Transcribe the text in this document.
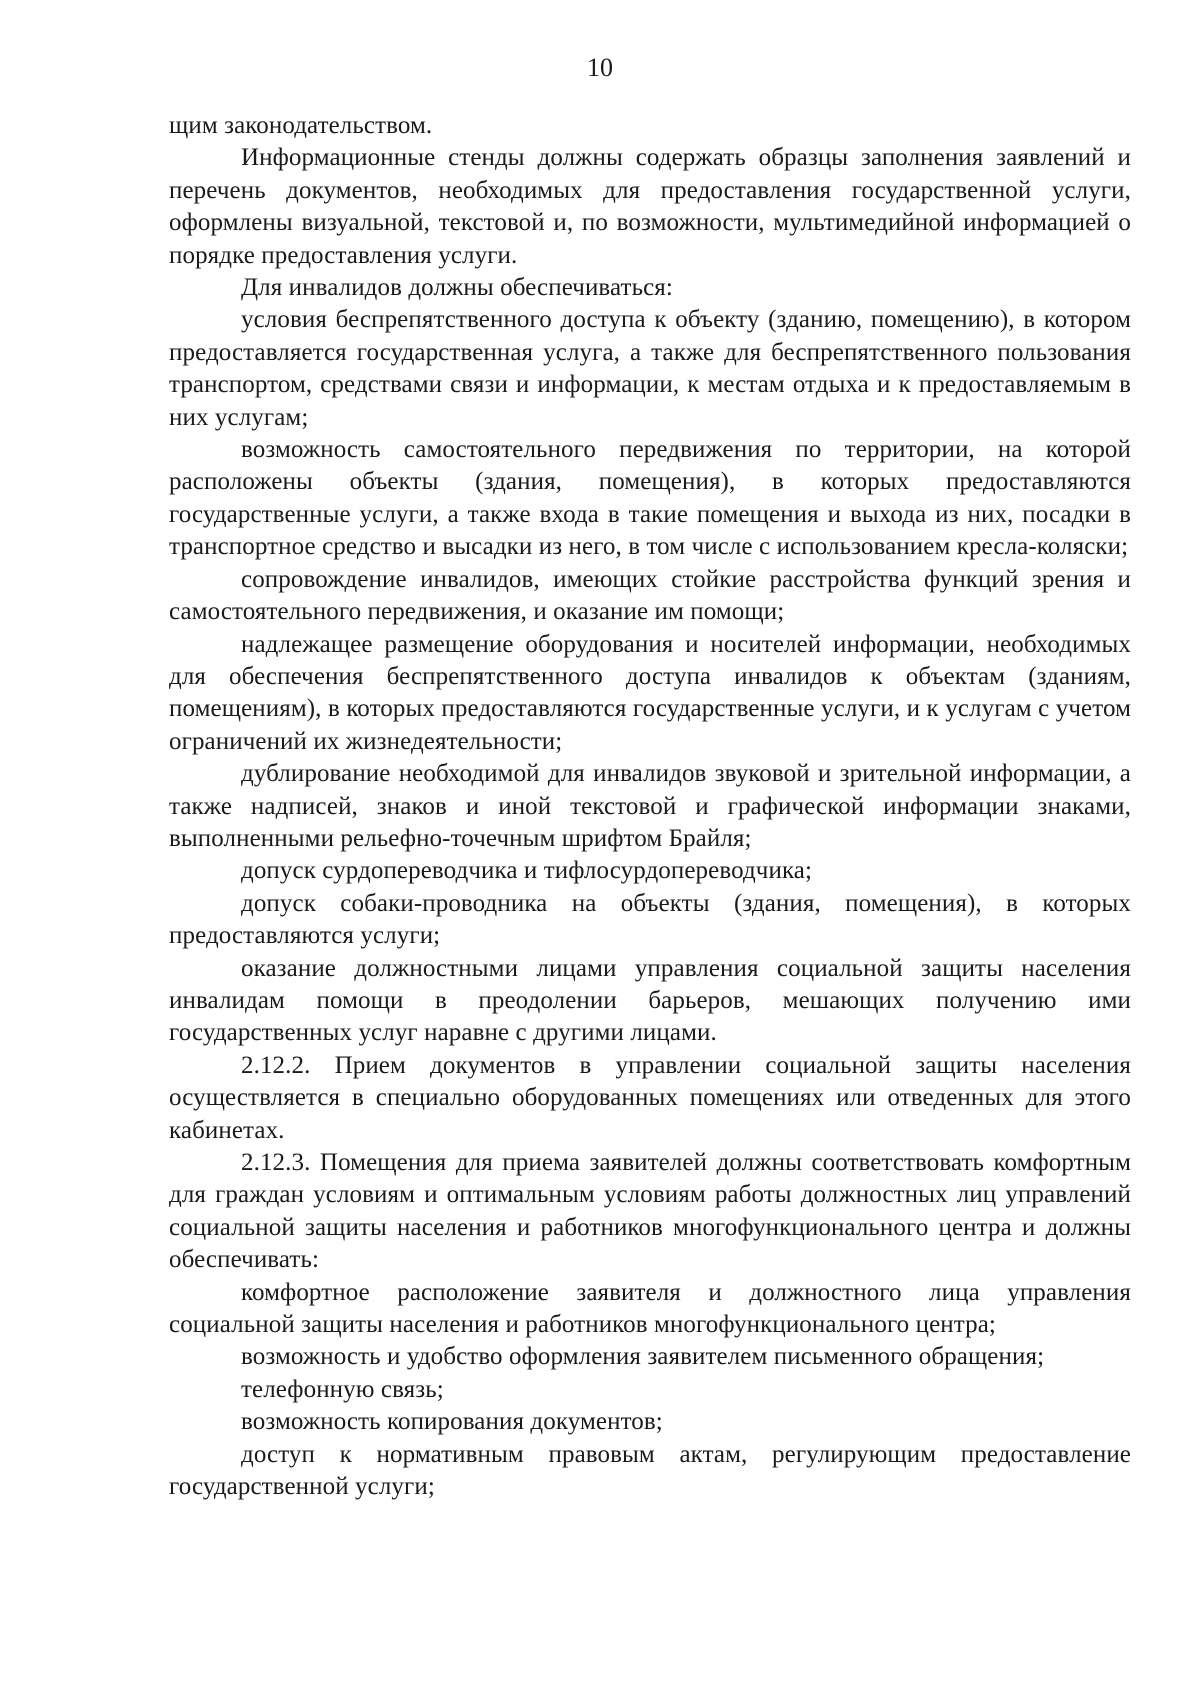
10

щим законодательством.

Информационные стенды должны содержать образцы заполнения заявлений и перечень документов, необходимых для предоставления государственной услуги, оформлены визуальной, текстовой и, по возможности, мультимедийной информацией о порядке предоставления услуги.

Для инвалидов должны обеспечиваться:

условия беспрепятственного доступа к объекту (зданию, помещению), в котором предоставляется государственная услуга, а также для беспрепятственного пользования транспортом, средствами связи и информации, к местам отдыха и к предоставляемым в них услугам;

возможность самостоятельного передвижения по территории, на которой расположены объекты (здания, помещения), в которых предоставляются государственные услуги, а также входа в такие помещения и выхода из них, посадки в транспортное средство и высадки из него, в том числе с использованием кресла-коляски;

сопровождение инвалидов, имеющих стойкие расстройства функций зрения и самостоятельного передвижения, и оказание им помощи;

надлежащее размещение оборудования и носителей информации, необходимых для обеспечения беспрепятственного доступа инвалидов к объектам (зданиям, помещениям), в которых предоставляются государственные услуги, и к услугам с учетом ограничений их жизнедеятельности;

дублирование необходимой для инвалидов звуковой и зрительной информации, а также надписей, знаков и иной текстовой и графической информации знаками, выполненными рельефно-точечным шрифтом Брайля;

допуск сурдопереводчика и тифлосурдопереводчика;

допуск собаки-проводника на объекты (здания, помещения), в которых предоставляются услуги;

оказание должностными лицами управления социальной защиты населения инвалидам помощи в преодолении барьеров, мешающих получению ими государственных услуг наравне с другими лицами.

2.12.2. Прием документов в управлении социальной защиты населения осуществляется в специально оборудованных помещениях или отведенных для этого кабинетах.

2.12.3. Помещения для приема заявителей должны соответствовать комфортным для граждан условиям и оптимальным условиям работы должностных лиц управлений социальной защиты населения и работников многофункционального центра и должны обеспечивать:

комфортное расположение заявителя и должностного лица управления социальной защиты населения и работников многофункционального центра;

возможность и удобство оформления заявителем письменного обращения;

телефонную связь;

возможность копирования документов;

доступ к нормативным правовым актам, регулирующим предоставление государственной услуги;
